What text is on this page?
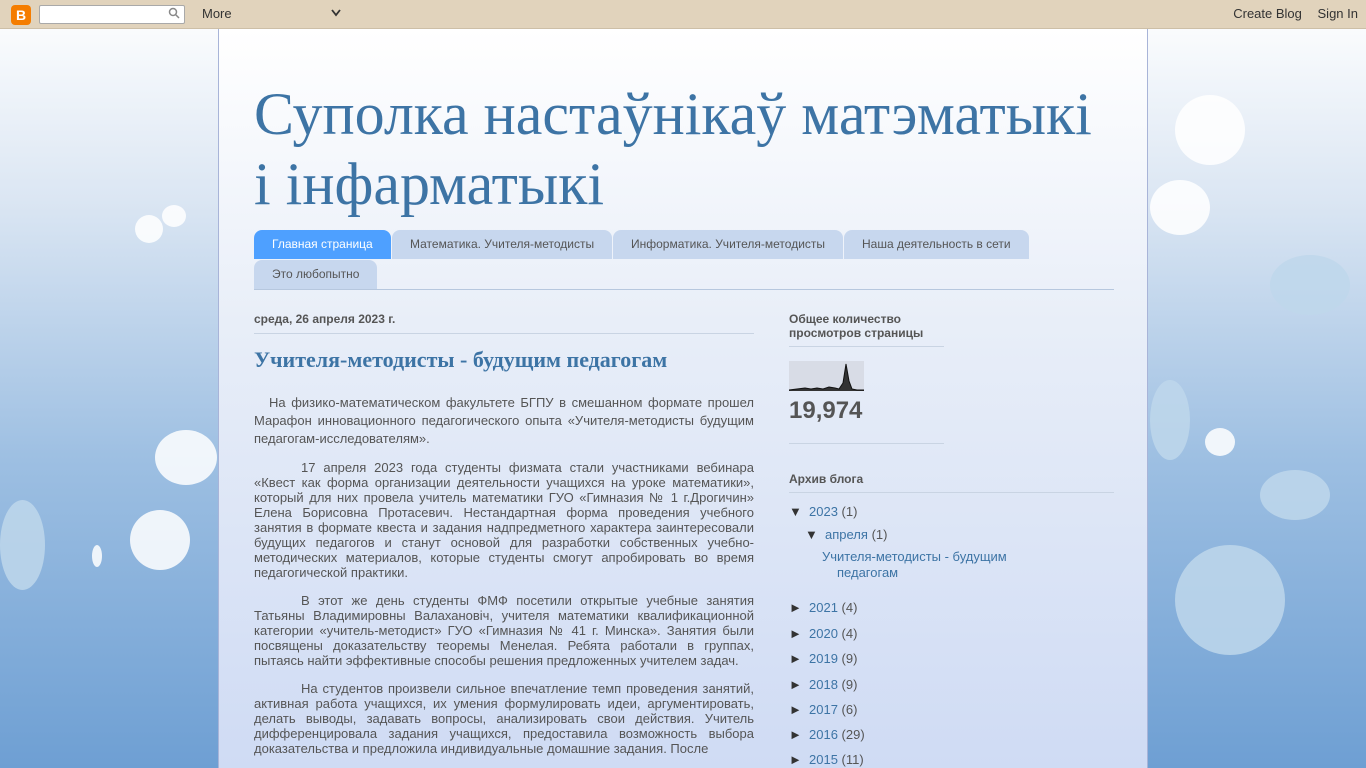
B	More	Create Blog Sign In
Суполка настаўнікаў матэматыкі і інфарматыкі
Главная страница	Математика. Учителя-методисты	Информатика. Учителя-методисты	Наша деятельность в сети
Это любопытно
среда, 26 апреля 2023 г.
Учителя-методисты - будущим педагогам

На физико-математическом факультете БГПУ в смешанном формате прошел Марафон инновационного педагогического опыта «Учителя-методисты будущим педагогам-исследователям».

17 апреля 2023 года студенты физмата стали участниками вебинара «Квест как форма организации деятельности учащихся на уроке математики», который для них провела учитель математики ГУО «Гимназия № 1 г.Дрогичин» Елена Борисовна Протасевич. Нестандартная форма проведения учебного занятия в формате квеста и задания надпредметного характера заинтересовали будущих педагогов и станут основой для разработки собственных учебно-методических материалов, которые студенты смогут апробировать во время педагогической практики.

В этот же день студенты ФМФ посетили открытые учебные занятия Татьяны Владимировны Валахановіч, учителя математики квалификационной категории «учитель-методист» ГУО «Гимназия № 41 г. Минска». Занятия были посвящены доказательству теоремы Менелая. Ребята работали в группах, пытаясь найти эффективные способы решения предложенных учителем задач.

На студентов произвели сильное впечатление темп проведения занятий, активная работа учащихся, их умения формулировать идеи, аргументировать, делать выводы, задавать вопросы, анализировать свои действия. Учитель дифференцировала задания учащихся, предоставила возможность выбора доказательства и предложила индивидуальные домашние задания. После

Общее количество просмотров страницы
19,974
Архив блога
▼ 2023 (1)
▼ апреля (1)
Учителя-методисты - будущим
педагогам
► 2021 (4)
► 2020 (4)
► 2019 (9)
► 2018 (9)
► 2017 (6)
► 2016 (29)
► 2015 (11)
